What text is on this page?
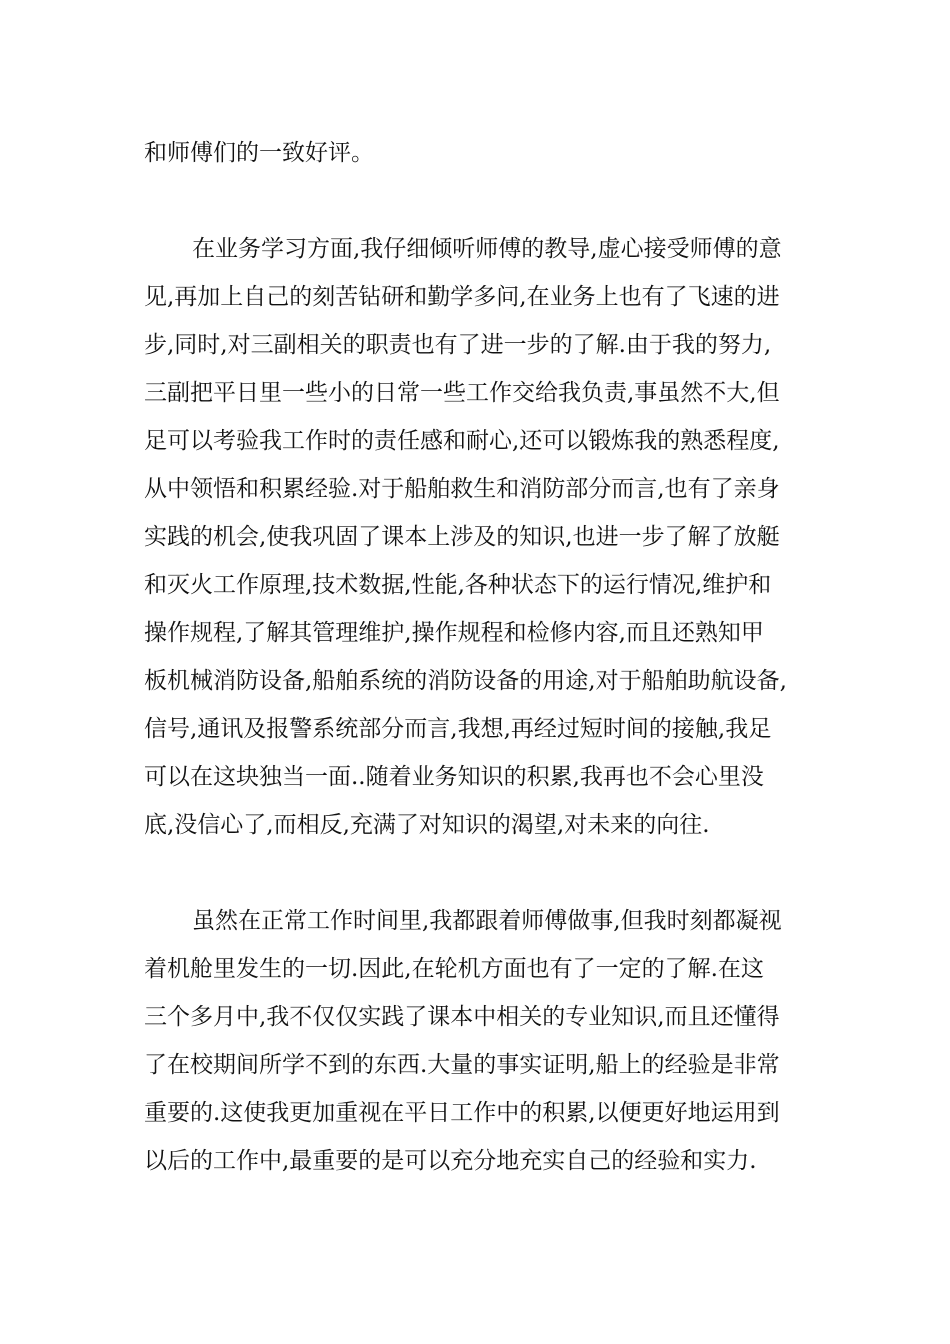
和师傅们的一致好评。
在业务学习方面,我仔细倾听师傅的教导,虚心接受师傅的意
见,再加上自己的刻苦钻研和勤学多问,在业务上也有了飞速的进
步,同时,对三副相关的职责也有了进一步的了解.由于我的努力,
三副把平日里一些小的日常一些工作交给我负责,事虽然不大,但
足可以考验我工作时的责任感和耐心,还可以锻炼我的熟悉程度,
从中领悟和积累经验.对于船舶救生和消防部分而言,也有了亲身
实践的机会,使我巩固了课本上涉及的知识,也进一步了解了放艇
和灭火工作原理,技术数据,性能,各种状态下的运行情况,维护和
操作规程,了解其管理维护,操作规程和检修内容,而且还熟知甲
板机械消防设备,船舶系统的消防设备的用途,对于船舶助航设备,
信号,通讯及报警系统部分而言,我想,再经过短时间的接触,我足
可以在这块独当一面..随着业务知识的积累,我再也不会心里没
底,没信心了,而相反,充满了对知识的渴望,对未来的向往.
虽然在正常工作时间里,我都跟着师傅做事,但我时刻都凝视
着机舱里发生的一切.因此,在轮机方面也有了一定的了解.在这
三个多月中,我不仅仅实践了课本中相关的专业知识,而且还懂得
了在校期间所学不到的东西.大量的事实证明,船上的经验是非常
重要的.这使我更加重视在平日工作中的积累,以便更好地运用到
以后的工作中,最重要的是可以充分地充实自己的经验和实力.
